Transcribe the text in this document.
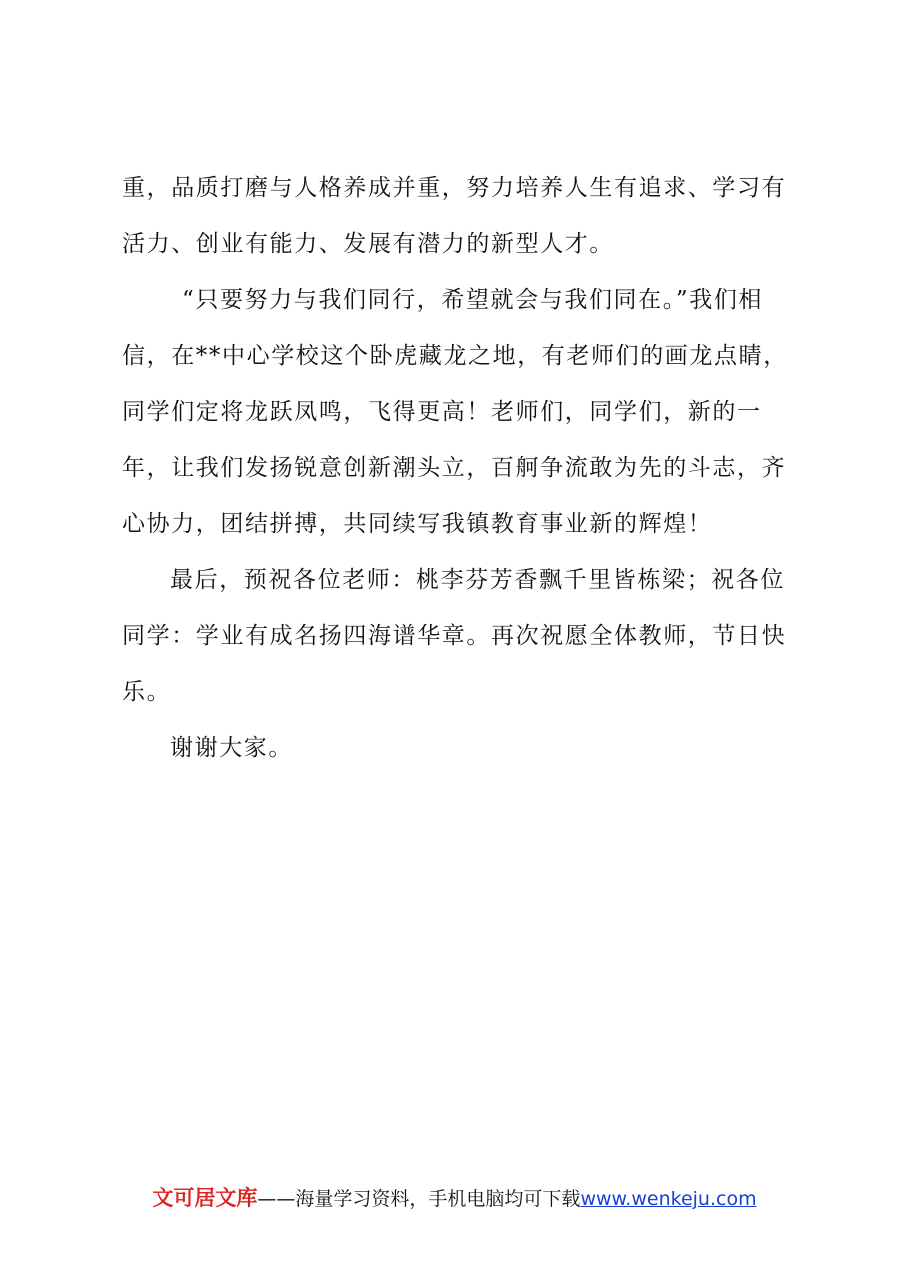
重，品质打磨与人格养成并重，努力培养人生有追求、学习有
活力、创业有能力、发展有潜力的新型人才。
“只要努力与我们同行，希望就会与我们同在。”我们相
信，在**中心学校这个卧虎藏龙之地，有老师们的画龙点睛，
同学们定将龙跃凤鸣，飞得更高！老师们，同学们，新的一
年，让我们发扬锐意创新潮头立，百舸争流敢为先的斗志，齐
心协力，团结拼搏，共同续写我镇教育事业新的辉煌！
最后，预祝各位老师：桃李芬芳香飘千里皆栋梁；祝各位
同学：学业有成名扬四海谱华章。再次祝愿全体教师，节日快
乐。
谢谢大家。
文可居文库——海量学习资料，手机电脑均可下载www.wenkeju.com
